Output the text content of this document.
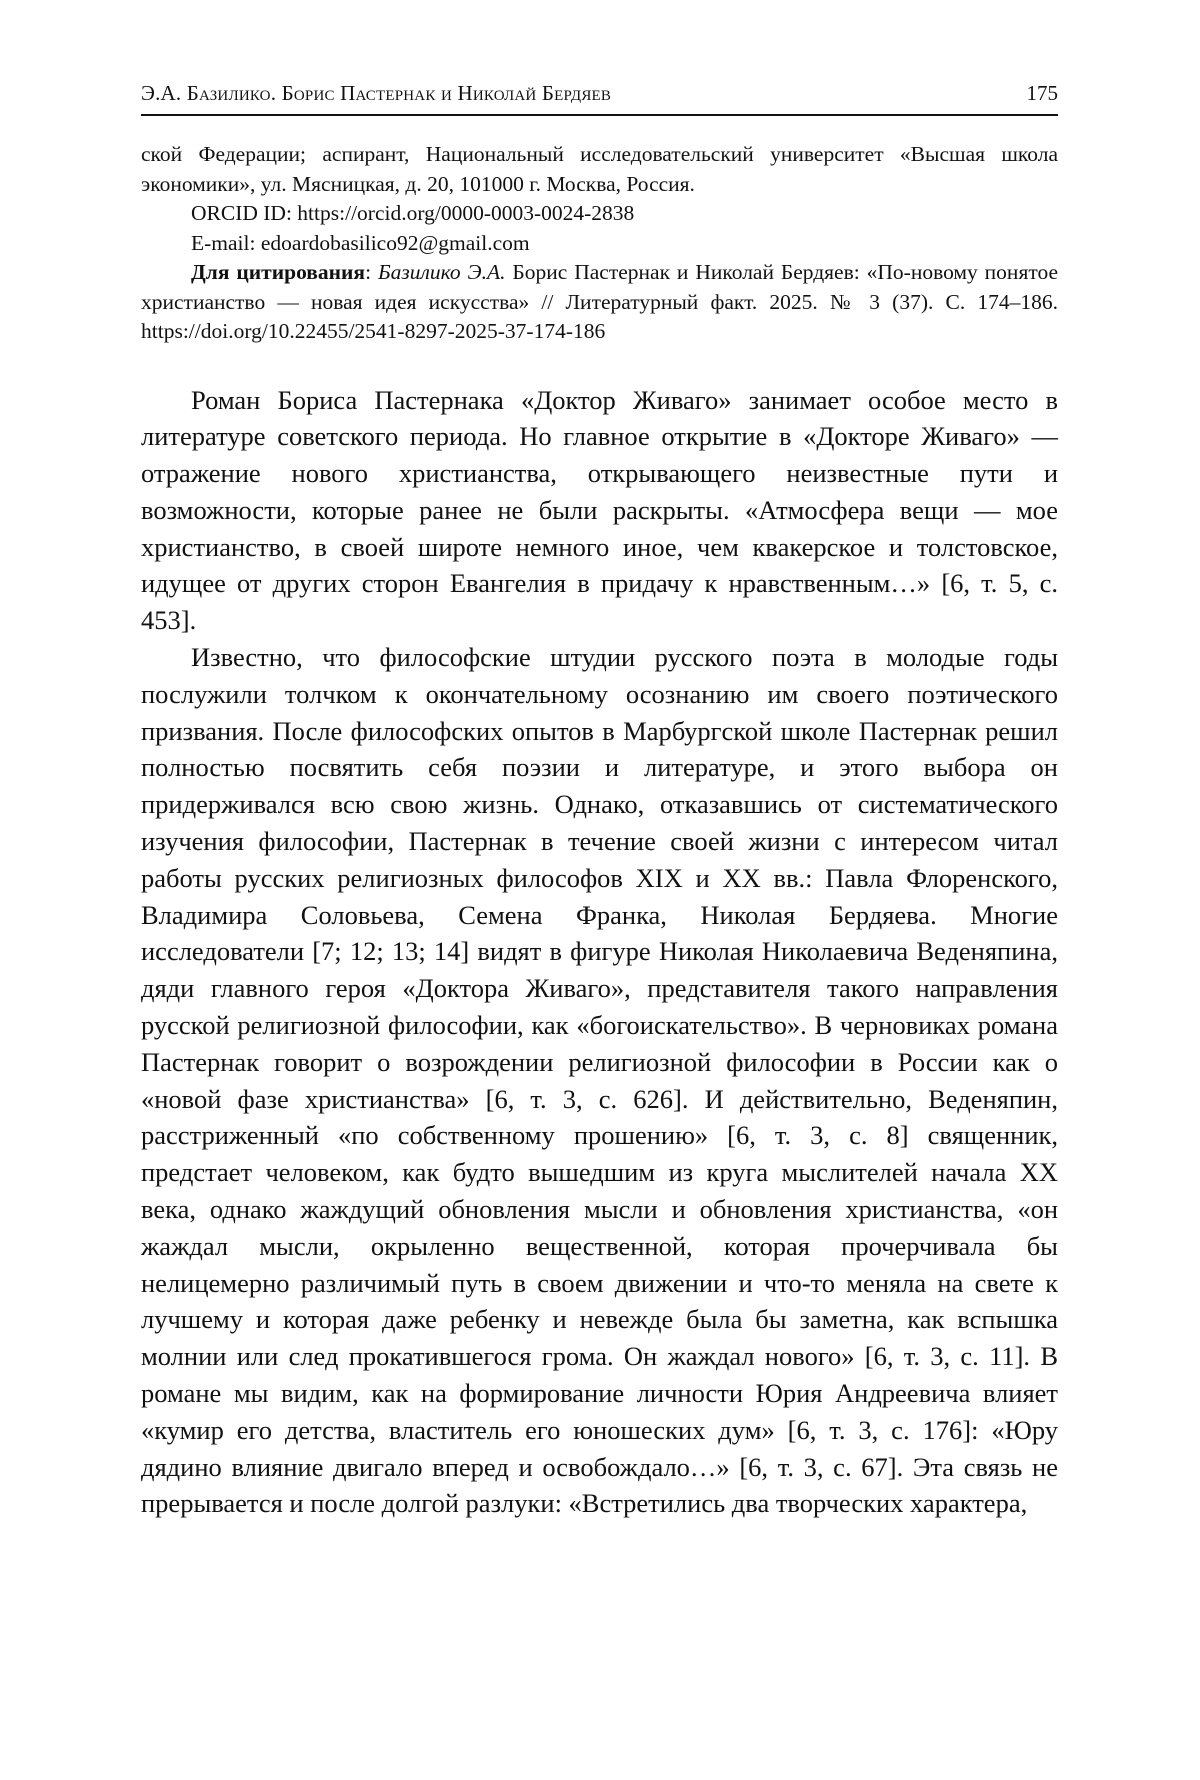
Э.А. Базилико. Борис Пастернак и Николай Бердяев	175

ской Федерации; аспирант, Национальный исследовательский университет «Высшая школа экономики», ул. Мясницкая, д. 20, 101000 г. Москва, Россия.

ORCID ID: https://orcid.org/0000-0003-0024-2838

E-mail: edoardobasilico92@gmail.com

Для цитирования: Базилико Э.А. Борис Пастернак и Николай Бердяев: «По-новому понятое христианство — новая идея искусства» // Литературный факт. 2025. № 3 (37). С. 174–186. https://doi.org/10.22455/2541-8297-2025-37-174-186

Роман Бориса Пастернака «Доктор Живаго» занимает особое место в литературе советского периода. Но главное открытие в «Докторе Живаго» — отражение нового христианства, открывающего неизвестные пути и возможности, которые ранее не были раскрыты. «Атмосфера вещи — мое христианство, в своей широте немного иное, чем квакерское и толстовское, идущее от других сторон Евангелия в придачу к нравственным…» [6, т. 5, с. 453].

Известно, что философские штудии русского поэта в молодые годы послужили толчком к окончательному осознанию им своего поэтического призвания. После философских опытов в Марбургской школе Пастернак решил полностью посвятить себя поэзии и литературе, и этого выбора он придерживался всю свою жизнь. Однако, отказавшись от систематического изучения философии, Пастернак в течение своей жизни с интересом читал работы русских религиозных философов XIX и XX вв.: Павла Флоренского, Владимира Соловьева, Семена Франка, Николая Бердяева. Многие исследователи [7; 12; 13; 14] видят в фигуре Николая Николаевича Веденяпина, дяди главного героя «Доктора Живаго», представителя такого направления русской религиозной философии, как «богоискательство». В черновиках романа Пастернак говорит о возрождении религиозной философии в России как о «новой фазе христианства» [6, т. 3, с. 626]. И действительно, Веденяпин, расстриженный «по собственному прошению» [6, т. 3, с. 8] священник, предстает человеком, как будто вышедшим из круга мыслителей начала XX века, однако жаждущий обновления мысли и обновления христианства, «он жаждал мысли, окрыленно вещественной, которая прочерчивала бы нелицемерно различимый путь в своем движении и что-то меняла на свете к лучшему и которая даже ребенку и невежде была бы заметна, как вспышка молнии или след прокатившегося грома. Он жаждал нового» [6, т. 3, с. 11]. В романе мы видим, как на формирование личности Юрия Андреевича влияет «кумир его детства, властитель его юношеских дум» [6, т. 3, с. 176]: «Юру дядино влияние двигало вперед и освобождало…» [6, т. 3, с. 67]. Эта связь не прерывается и после долгой разлуки: «Встретились два творческих характера,
